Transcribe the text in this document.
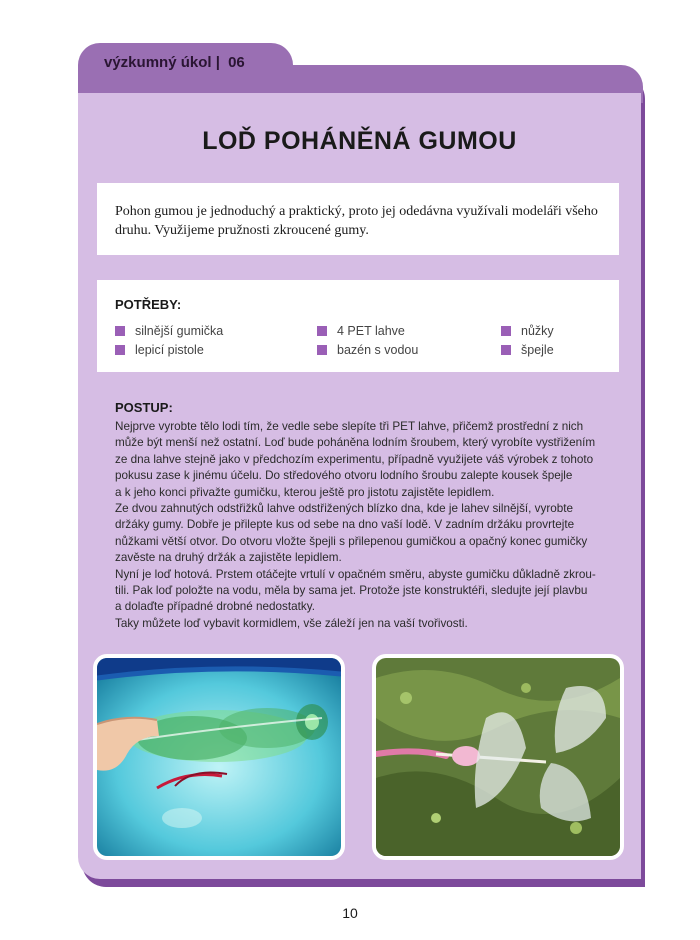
výzkumný úkol | 06
LOĎ POHÁNĚNÁ GUMOU

Pohon gumou je jednoduchý a praktický, proto jej odedávna využívali modeláři všeho druhu. Využijeme pružnosti zkroucené gumy.

POTŘEBY:
silnější gumička
lepicí pistole
4 PET lahve
bazén s vodou
nůžky
špejle
POSTUP:

Nejprve vyrobte tělo lodi tím, že vedle sebe slepíte tři PET lahve, přičemž prostřední z nich
může být menší než ostatní. Loď bude poháněna lodním šroubem, který vyrobíte vystřižením
ze dna lahve stejně jako v předchozím experimentu, případně využijete váš výrobek z tohoto
pokusu zase k jinému účelu. Do středového otvoru lodního šroubu zalepte kousek špejle
a k jeho konci přivažte gumičku, kterou ještě pro jistotu zajistěte lepidlem.
Ze dvou zahnutých odstřižků lahve odstřižených blízko dna, kde je lahev silnější, vyrobte
držáky gumy. Dobře je přilepte kus od sebe na dno vaší lodě. V zadním držáku provrtejte
nůžkami větší otvor. Do otvoru vložte špejli s přilepenou gumičkou a opačný konec gumičky
zavěste na druhý držák a zajistěte lepidlem.
Nyní je loď hotová. Prstem otáčejte vrtulí v opačném směru, abyste gumičku důkladně zkrou-
tili. Pak loď položte na vodu, měla by sama jet. Protože jste konstruktéři, sledujte její plavbu
a dolaďte případné drobné nedostatky.
Taky můžete loď vybavit kormidlem, vše záleží jen na vaší tvořivosti.

10
